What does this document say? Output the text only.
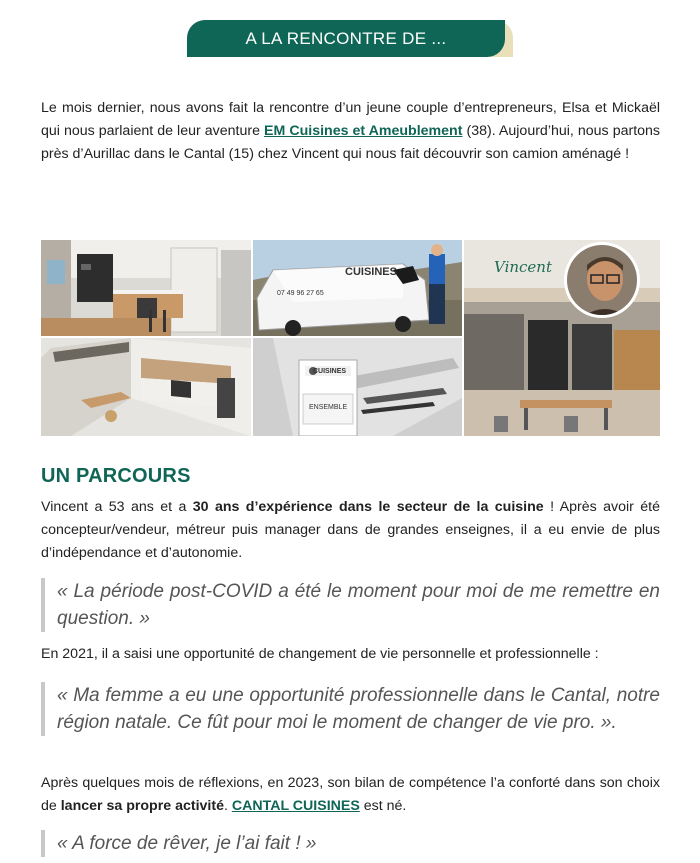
A LA RENCONTRE DE ...

Le mois dernier, nous avons fait la rencontre d’un jeune couple d’entrepreneurs, Elsa et Mickaël qui nous parlaient de leur aventure EM Cuisines et Ameublement (38). Aujourd’hui, nous partons près d’Aurillac dans le Cantal (15) chez Vincent qui nous fait découvrir son camion aménagé !

CUISINES
07 49 96 27 65
Vincent
CUISINES
ENSEMBLE
UN PARCOURS

Vincent a 53 ans et a 30 ans d’expérience dans le secteur de la cuisine ! Après avoir été concepteur/vendeur, métreur puis manager dans de grandes enseignes, il a eu envie de plus d’indépendance et d’autonomie.

« La période post-COVID a été le moment pour moi de me remettre en question. »

En 2021, il a saisi une opportunité de changement de vie personnelle et professionnelle :

« Ma femme a eu une opportunité professionnelle dans le Cantal, notre région natale. Ce fût pour moi le moment de changer de vie pro. ».

Après quelques mois de réflexions, en 2023, son bilan de compétence l’a conforté dans son choix de lancer sa propre activité. CANTAL CUISINES est né.

« A force de rêver, je l’ai fait ! »
